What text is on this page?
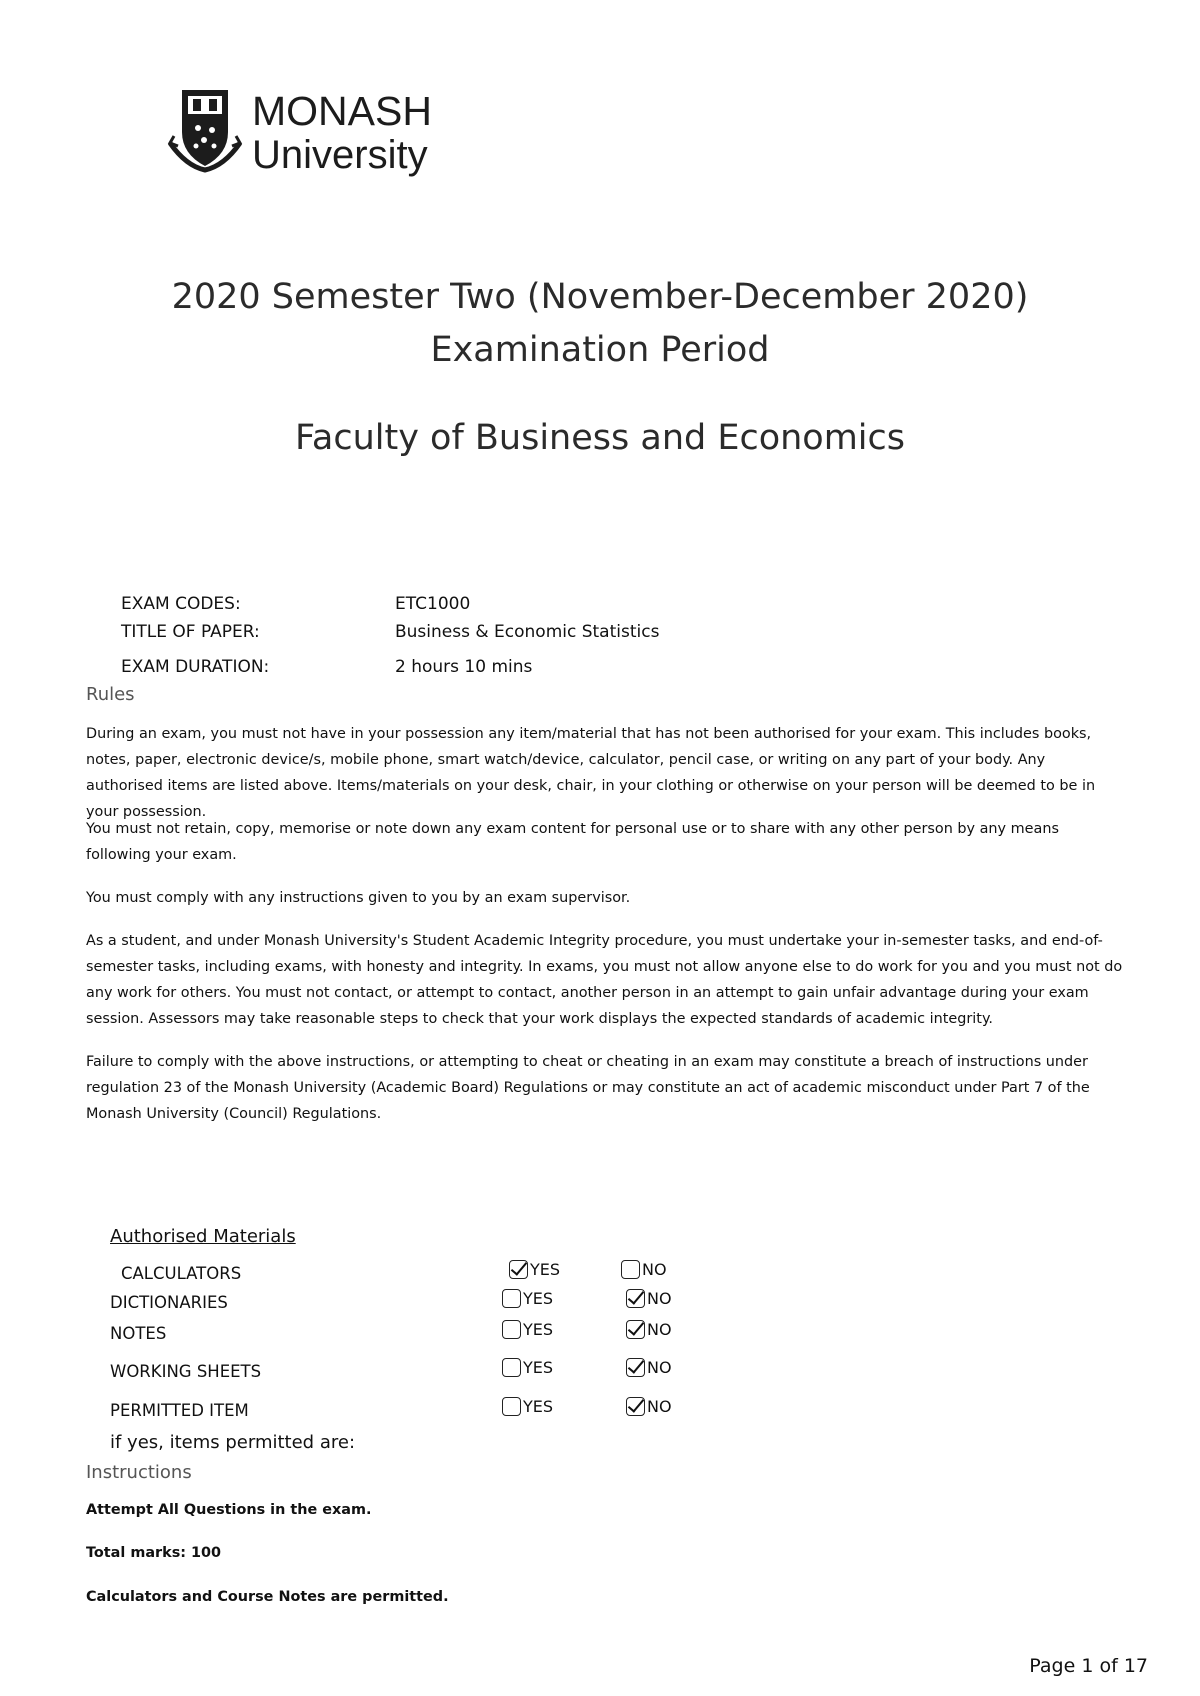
MONASH
University
2020 Semester Two (November-December 2020)
Examination Period
Faculty of Business and Economics
EXAM CODES:	ETC1000
TITLE OF PAPER:	Business & Economic Statistics
EXAM DURATION:	2 hours 10 mins
Rules
During an exam, you must not have in your possession any item/material that has not been authorised for your exam. This includes books, notes, paper, electronic device/s, mobile phone, smart watch/device, calculator, pencil case, or writing on any part of your body. Any authorised items are listed above. Items/materials on your desk, chair, in your clothing or otherwise on your person will be deemed to be in your possession.
You must not retain, copy, memorise or note down any exam content for personal use or to share with any other person by any means following your exam.
You must comply with any instructions given to you by an exam supervisor.
As a student, and under Monash University's Student Academic Integrity procedure, you must undertake your in-semester tasks, and end-of-semester tasks, including exams, with honesty and integrity. In exams, you must not allow anyone else to do work for you and you must not do any work for others. You must not contact, or attempt to contact, another person in an attempt to gain unfair advantage during your exam session. Assessors may take reasonable steps to check that your work displays the expected standards of academic integrity.
Failure to comply with the above instructions, or attempting to cheat or cheating in an exam may constitute a breach of instructions under regulation 23 of the Monash University (Academic Board) Regulations or may constitute an act of academic misconduct under Part 7 of the Monash University (Council) Regulations.
Authorised Materials
CALCULATORS	YES	NO
DICTIONARIES	YES	NO
NOTES	YES	NO
WORKING SHEETS	YES	NO
PERMITTED ITEM	YES	NO
if yes, items permitted are:
Instructions
Attempt All Questions in the exam.
Total marks: 100
Calculators and Course Notes are permitted.
Page 1 of 17
